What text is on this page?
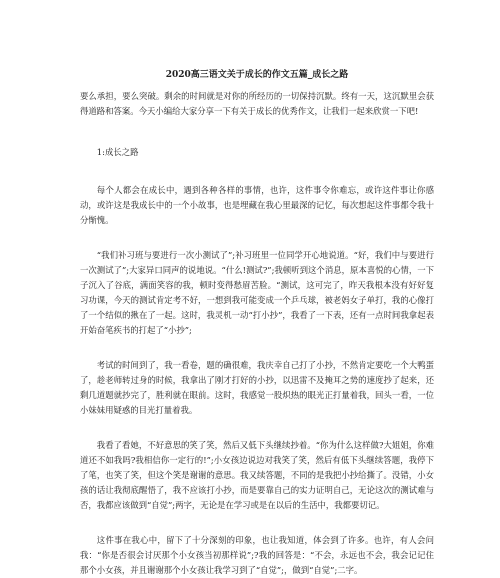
2020高三语文关于成长的作文五篇_成长之路

要么承担，要么突破。剩余的时间就是对你的所经历的一切保持沉默。终有一天，这沉默里会获得道路和答案。今天小编给大家分享一下有关于成长的优秀作文，让我们一起来欣赏一下吧!

1:成长之路

每个人都会在成长中，遇到各种各样的事情，也许，这件事令你难忘，或许这件事让你感动，或许这是我成长中的一个小故事，也是埋藏在我心里最深的记忆，每次想起这件事都令我十分惭愧。

“我们补习班与要进行一次小测试了”;补习班里一位同学开心地说道。“好，我们中与要进行一次测试了”;大家异口同声的说地说。“什么!测试?”;我顿听到这个消息，原本喜悦的心情，一下子沉入了谷底，满面笑容的我，顿时变得愁眉苦脸。“测试，这可完了，昨天我根本没有好好复习功课，今天的测试肯定考不好，一想到我可能变成一个乒乓球，被老妈女子单打，我的心像打了一个结似的揪在了一起。这时，我灵机一动“打小抄”，我看了一下表，还有一点时间我拿起表开始奋笔疾书的打起了“小抄”;

考试的时间到了，我一看卷，题的确很难，我庆幸自己打了小抄，不然肯定要吃一个大鸭蛋了，趁老师转过身的时候，我拿出了刚才打好的小抄，以迅雷不及掩耳之势的速度抄了起来，还剩几道题就抄完了，胜利就在眼前。这时，我感觉一股炽热的眼光正打量着我，回头一看，一位小妹妹用疑惑的目光打量着我。

我看了看她，不好意思的笑了笑，然后又低下头继续抄着。“你为什么这样做?大姐姐，你难道还不如我吗?我相信你一定行的!”;小女孩边说边对我笑了笑，然后有低下头继续答题，我停下了笔，也笑了笑，但这个笑是谢谢的意思。我又续答题，不同的是我把小抄给撕了。没错，小女孩的话让我彻底醒悟了，我不应该打小抄，而是要靠自己的实力证明自己，无论这次的测试难与否，我都应该做到“自觉”;两字，无论是在学习或是在以后的生活中，我都要切记。

这件事在我心中，留下了十分深刻的印象，也让我知道，体会到了许多。也许，有人会问我：“你是否很会讨厌那个小女孩当初那样说”;?我的回答是：“不会，永远也不会，我会记记住那个小女孩，并且谢谢那个小女孩让我学习到了“自觉”;，做到“自觉”;二字。
